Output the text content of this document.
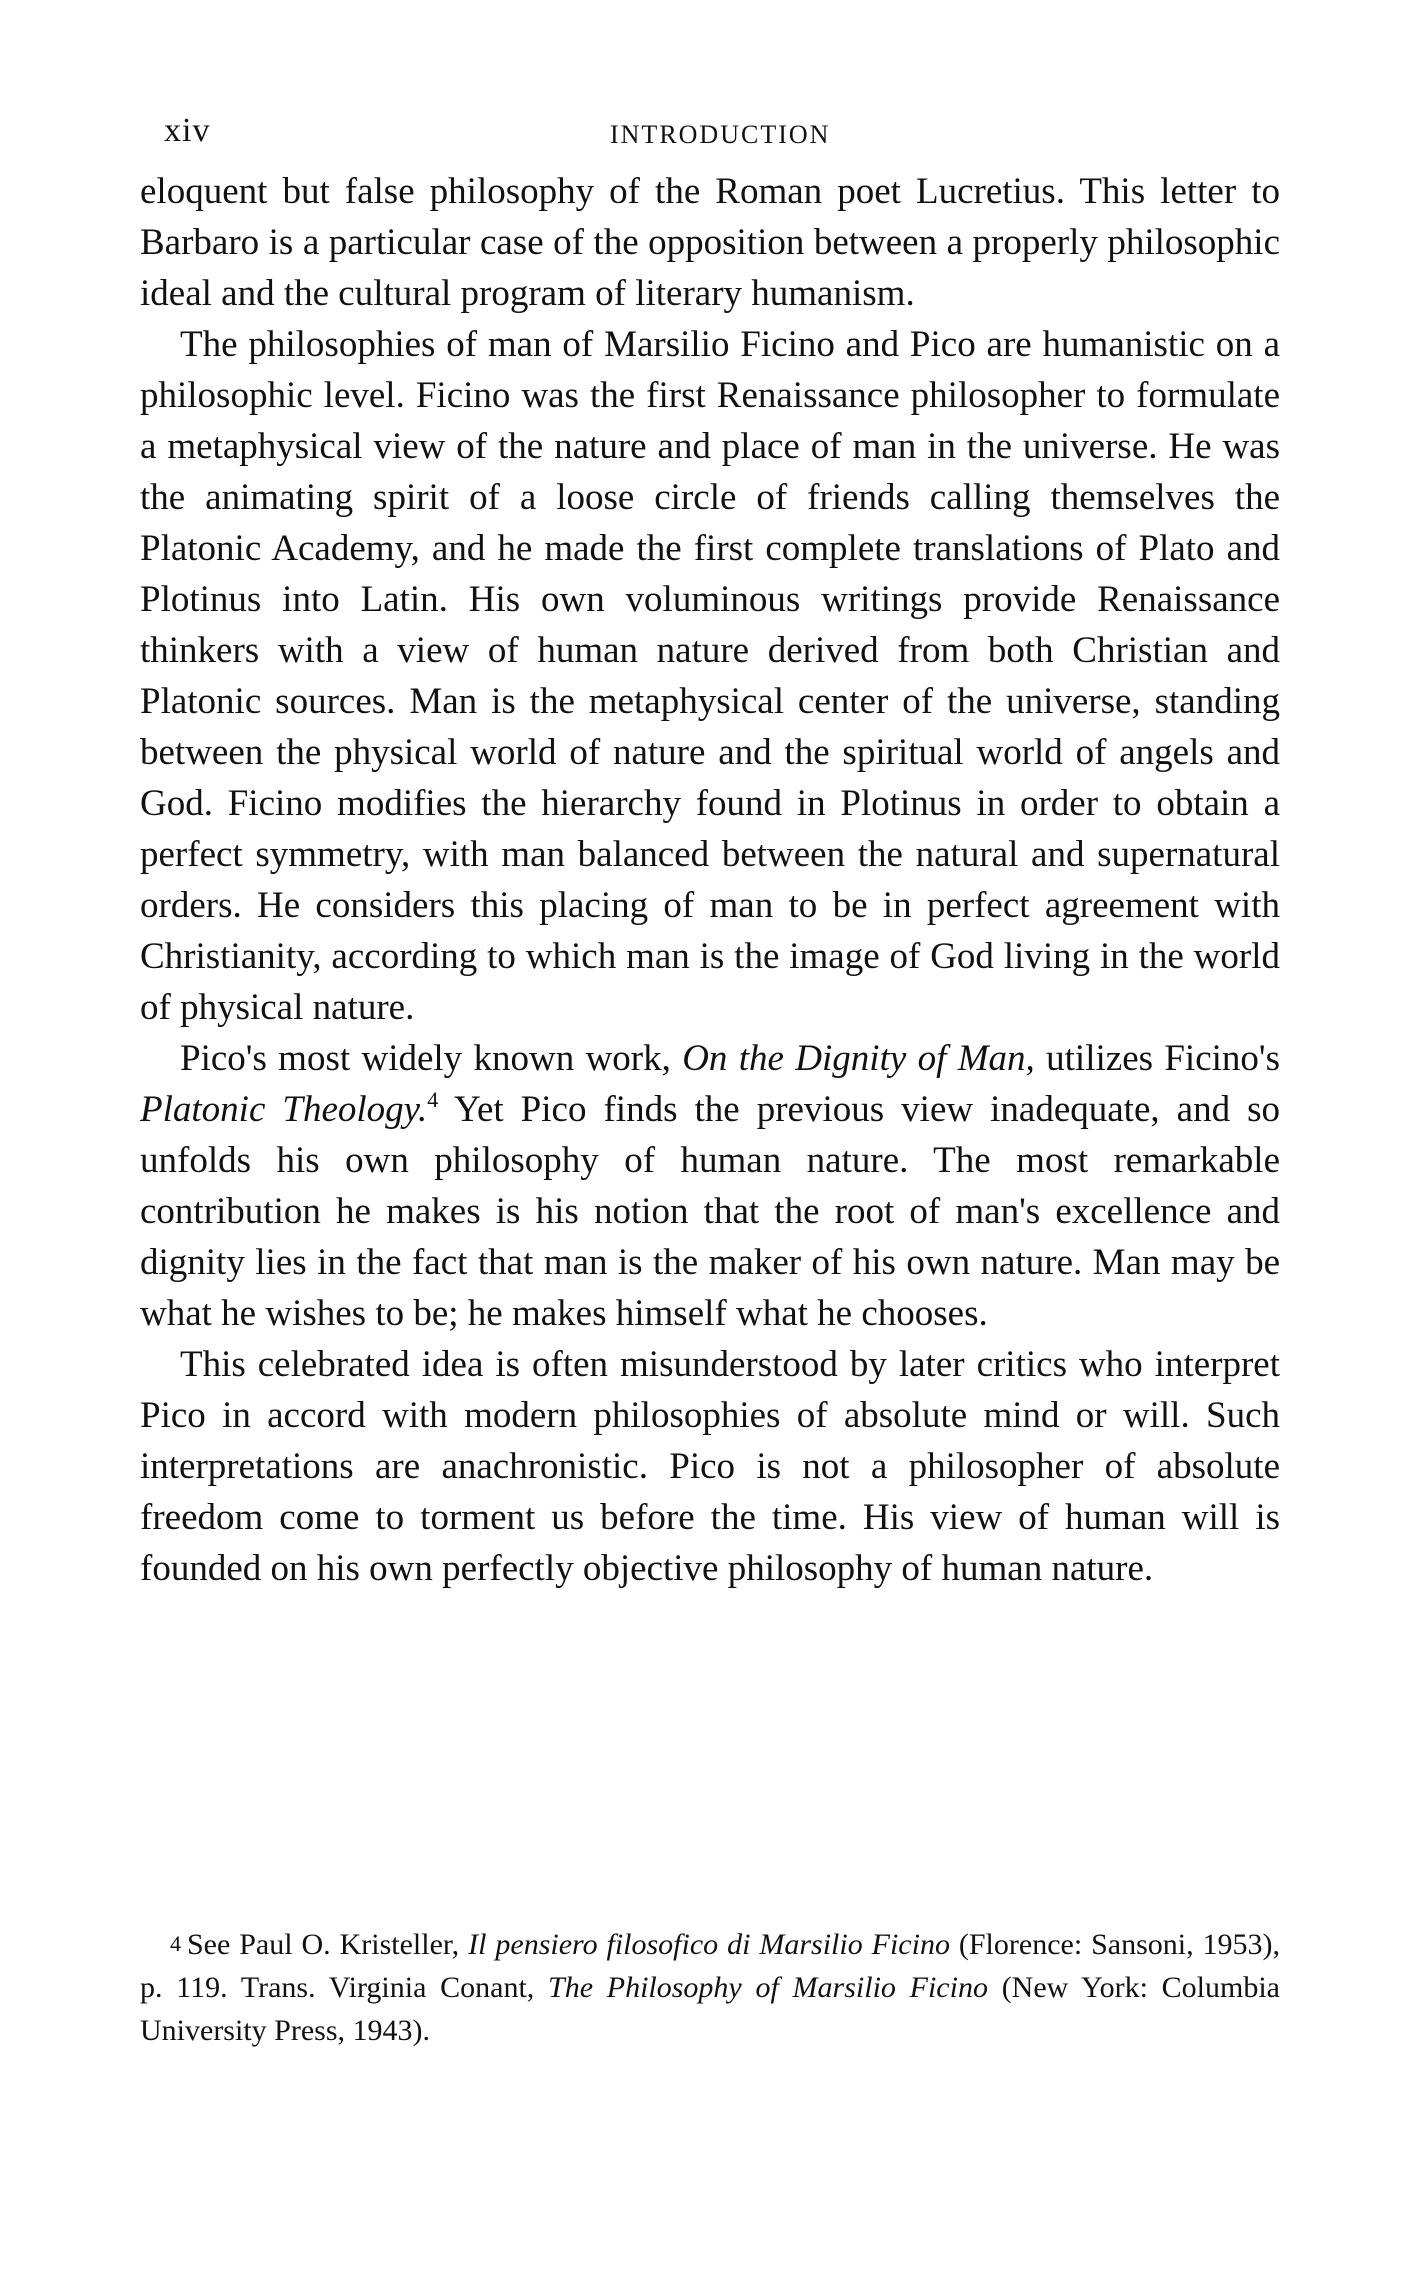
xiv	INTRODUCTION

eloquent but false philosophy of the Roman poet Lucretius. This letter to Barbaro is a particular case of the opposition between a properly philosophic ideal and the cultural program of literary humanism.

The philosophies of man of Marsilio Ficino and Pico are humanistic on a philosophic level. Ficino was the first Renaissance philosopher to formulate a metaphysical view of the nature and place of man in the universe. He was the animating spirit of a loose circle of friends calling themselves the Platonic Academy, and he made the first complete translations of Plato and Plotinus into Latin. His own voluminous writings provide Renaissance thinkers with a view of human nature derived from both Christian and Platonic sources. Man is the metaphysical center of the universe, standing between the physical world of nature and the spiritual world of angels and God. Ficino modifies the hierarchy found in Plotinus in order to obtain a perfect symmetry, with man balanced between the natural and supernatural orders. He considers this placing of man to be in perfect agreement with Christianity, according to which man is the image of God living in the world of physical nature.

Pico's most widely known work, On the Dignity of Man, utilizes Ficino's Platonic Theology.$^4$ Yet Pico finds the previous view inadequate, and so unfolds his own philosophy of human nature. The most remarkable contribution he makes is his notion that the root of man's excellence and dignity lies in the fact that man is the maker of his own nature. Man may be what he wishes to be; he makes himself what he chooses.

This celebrated idea is often misunderstood by later critics who interpret Pico in accord with modern philosophies of absolute mind or will. Such interpretations are anachronistic. Pico is not a philosopher of absolute freedom come to torment us before the time. His view of human will is founded on his own perfectly objective philosophy of human nature.

4 See Paul O. Kristeller, Il pensiero filosofico di Marsilio Ficino (Florence: Sansoni, 1953), p. 119. Trans. Virginia Conant, The Philosophy of Marsilio Ficino (New York: Columbia University Press, 1943).
